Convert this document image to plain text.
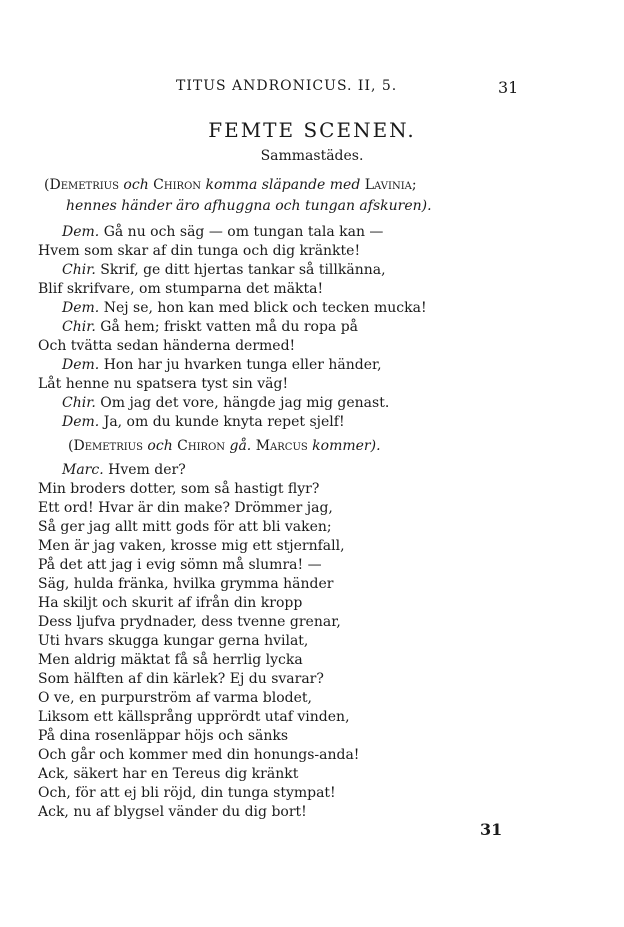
TITUS ANDRONICUS. II, 5.	31
FEMTE SCENEN.
Sammastädes.
(Demetrius och Chiron komma släpande med Lavinia;
hennes händer äro afhuggna och tungan afskuren).
Dem. Gå nu och säg — om tungan tala kan —
Hvem som skar af din tunga och dig kränkte!
Chir. Skrif, ge ditt hjertas tankar så tillkänna,
Blif skrifvare, om stumparna det mäkta!
Dem. Nej se, hon kan med blick och tecken mucka!
Chir. Gå hem; friskt vatten må du ropa på
Och tvätta sedan händerna dermed!
Dem. Hon har ju hvarken tunga eller händer,
Låt henne nu spatsera tyst sin väg!
Chir. Om jag det vore, hängde jag mig genast.
Dem. Ja, om du kunde knyta repet sjelf!
(Demetrius och Chiron gå. Marcus kommer).
Marc. Hvem der?
Min broders dotter, som så hastigt flyr?
Ett ord! Hvar är din make? Drömmer jag,
Så ger jag allt mitt gods för att bli vaken;
Men är jag vaken, krosse mig ett stjernfall,
På det att jag i evig sömn må slumra! —
Säg, hulda fränka, hvilka grymma händer
Ha skiljt och skurit af ifrån din kropp
Dess ljufva prydnader, dess tvenne grenar,
Uti hvars skugga kungar gerna hvilat,
Men aldrig mäktat få så herrlig lycka
Som hälften af din kärlek? Ej du svarar?
O ve, en purpurström af varma blodet,
Liksom ett källsprång upprördt utaf vinden,
På dina rosenläppar höjs och sänks
Och går och kommer med din honungs-anda!
Ack, säkert har en Tereus dig kränkt
Och, för att ej bli röjd, din tunga stympat!
Ack, nu af blygsel vänder du dig bort!
31
